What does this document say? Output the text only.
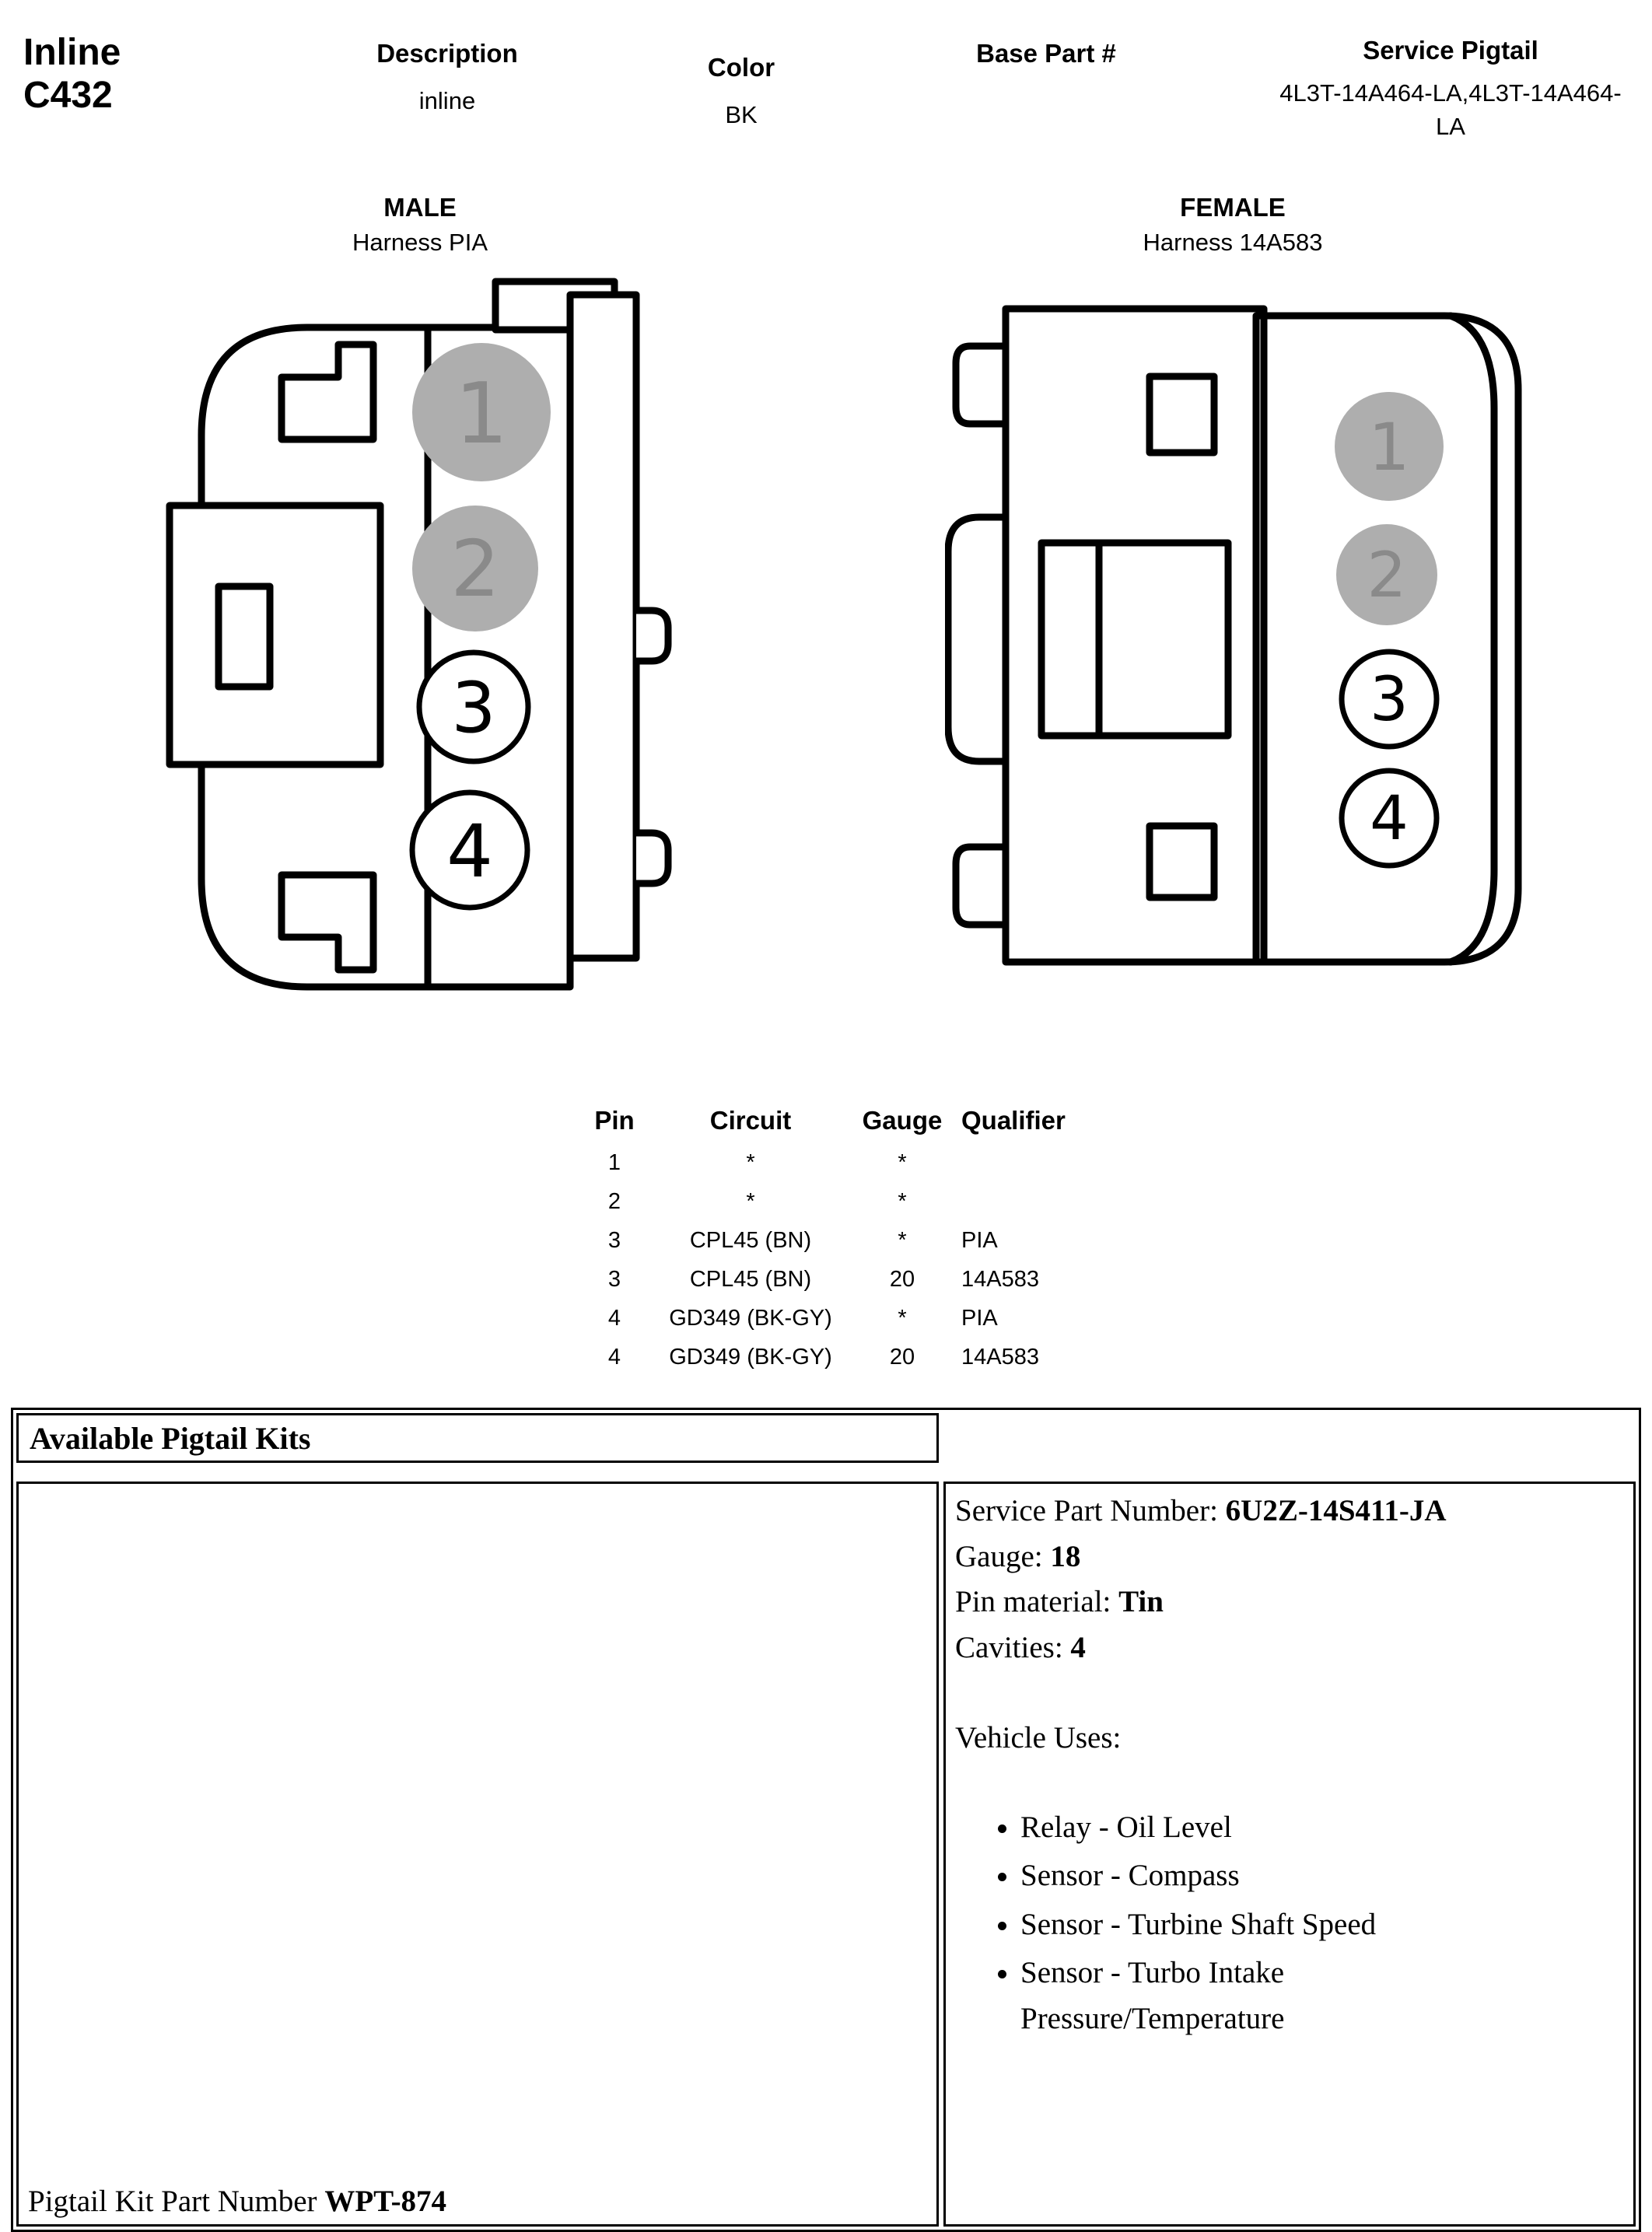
Inline
C432
Description
inline
Color
BK
Base Part #	Service Pigtail
4L3T-14A464-LA,4L3T-14A464-LA
MALE
Harness PIA
FEMALE
Harness 14A583
1
2
3
4
1
2
3
4
Pin	Circuit	Gauge Qualifier
1	*	*
2	*	*
3	CPL45 (BN)	*	PIA
3	CPL45 (BN)	20	14A583
4	GD349 (BK-GY)	*	PIA
4	GD349 (BK-GY)	20	14A583
Available Pigtail Kits
Pigtail Kit Part Number WPT-874
Service Part Number: 6U2Z-14S411-JA
Gauge: 18
Pin material: Tin
Cavities: 4
Vehicle Uses:
• Relay - Oil Level
• Sensor - Compass
• Sensor - Turbine Shaft Speed
• Sensor - Turbo Intake Pressure/Temperature
